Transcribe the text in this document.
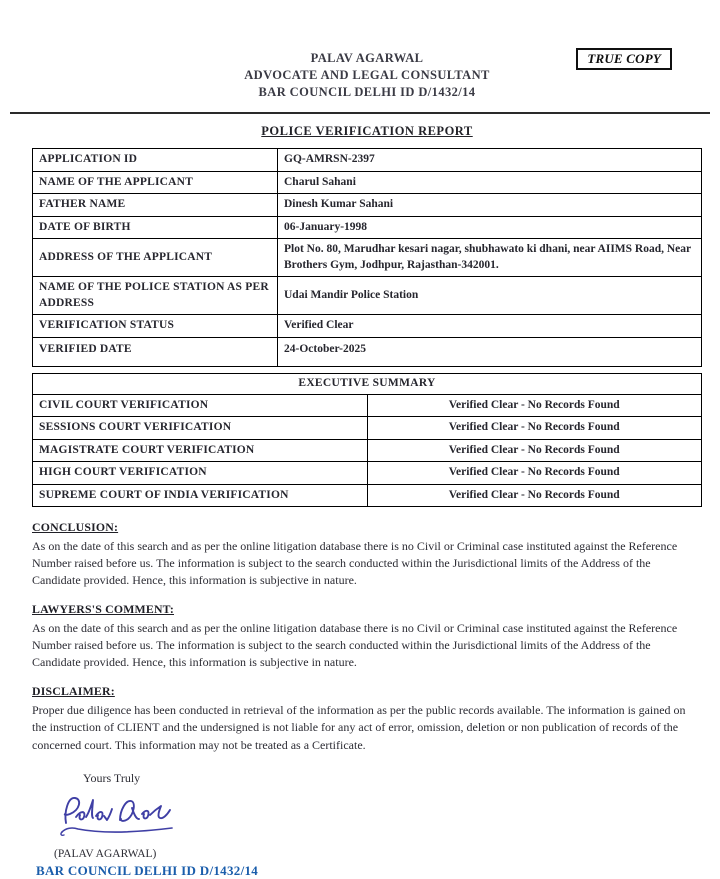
PALAV AGARWAL
ADVOCATE AND LEGAL CONSULTANT
BAR COUNCIL DELHI ID D/1432/14
TRUE COPY
POLICE VERIFICATION REPORT
APPLICATION ID	GQ-AMRSN-2397
NAME OF THE APPLICANT	Charul Sahani
FATHER NAME	Dinesh Kumar Sahani
DATE OF BIRTH	06-January-1998
ADDRESS OF THE APPLICANT	Plot No. 80, Marudhar kesari nagar, shubhawato ki dhani, near AIIMS Road, Near Brothers Gym, Jodhpur, Rajasthan-342001.
NAME OF THE POLICE STATION AS PER ADDRESS	Udai Mandir Police Station
VERIFICATION STATUS	Verified Clear
VERIFIED DATE	24-October-2025
EXECUTIVE SUMMARY	
CIVIL COURT VERIFICATION	Verified Clear - No Records Found
SESSIONS COURT VERIFICATION	Verified Clear - No Records Found
MAGISTRATE COURT VERIFICATION	Verified Clear - No Records Found
HIGH COURT VERIFICATION	Verified Clear - No Records Found
SUPREME COURT OF INDIA VERIFICATION	Verified Clear - No Records Found
CONCLUSION:
As on the date of this search and as per the online litigation database there is no Civil or Criminal case instituted against the Reference Number raised before us. The information is subject to the search conducted within the Jurisdictional limits of the Address of the Candidate provided. Hence, this information is subjective in nature.
LAWYERS'S COMMENT:
As on the date of this search and as per the online litigation database there is no Civil or Criminal case instituted against the Reference Number raised before us. The information is subject to the search conducted within the Jurisdictional limits of the Address of the Candidate provided. Hence, this information is subjective in nature.
DISCLAIMER:
Proper due diligence has been conducted in retrieval of the information as per the public records available. The information is gained on the instruction of CLIENT and the undersigned is not liable for any act of error, omission, deletion or non publication of records of the concerned court. This information may not be treated as a Certificate.
Yours Truly
(PALAV AGARWAL)
BAR COUNCIL DELHI ID D/1432/14
